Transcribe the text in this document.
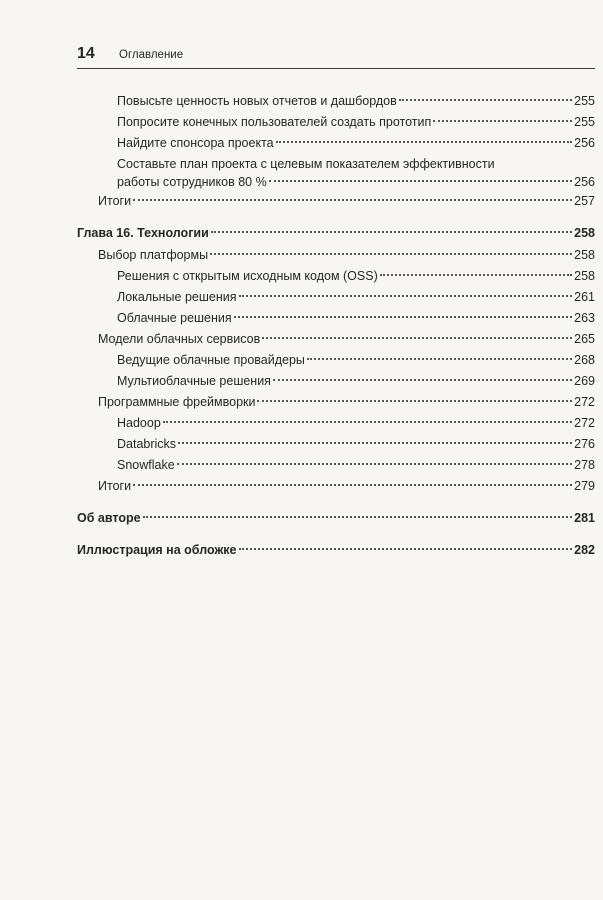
14 Оглавление
Повысьте ценность новых отчетов и дашбордов	255
Попросите конечных пользователей создать прототип	255
Найдите спонсора проекта	256
Составьте план проекта с целевым показателем эффективности
работы сотрудников 80 %	256
Итоги	257
Глава 16. Технологии	258
Выбор платформы	258
Решения с открытым исходным кодом (OSS)	258
Локальные решения	261
Облачные решения	263
Модели облачных сервисов	265
Ведущие облачные провайдеры	268
Мультиоблачные решения	269
Программные фреймворки	272
Hadoop	272
Databricks	276
Snowflake	278
Итоги	279
Об авторе	281
Иллюстрация на обложке	282
